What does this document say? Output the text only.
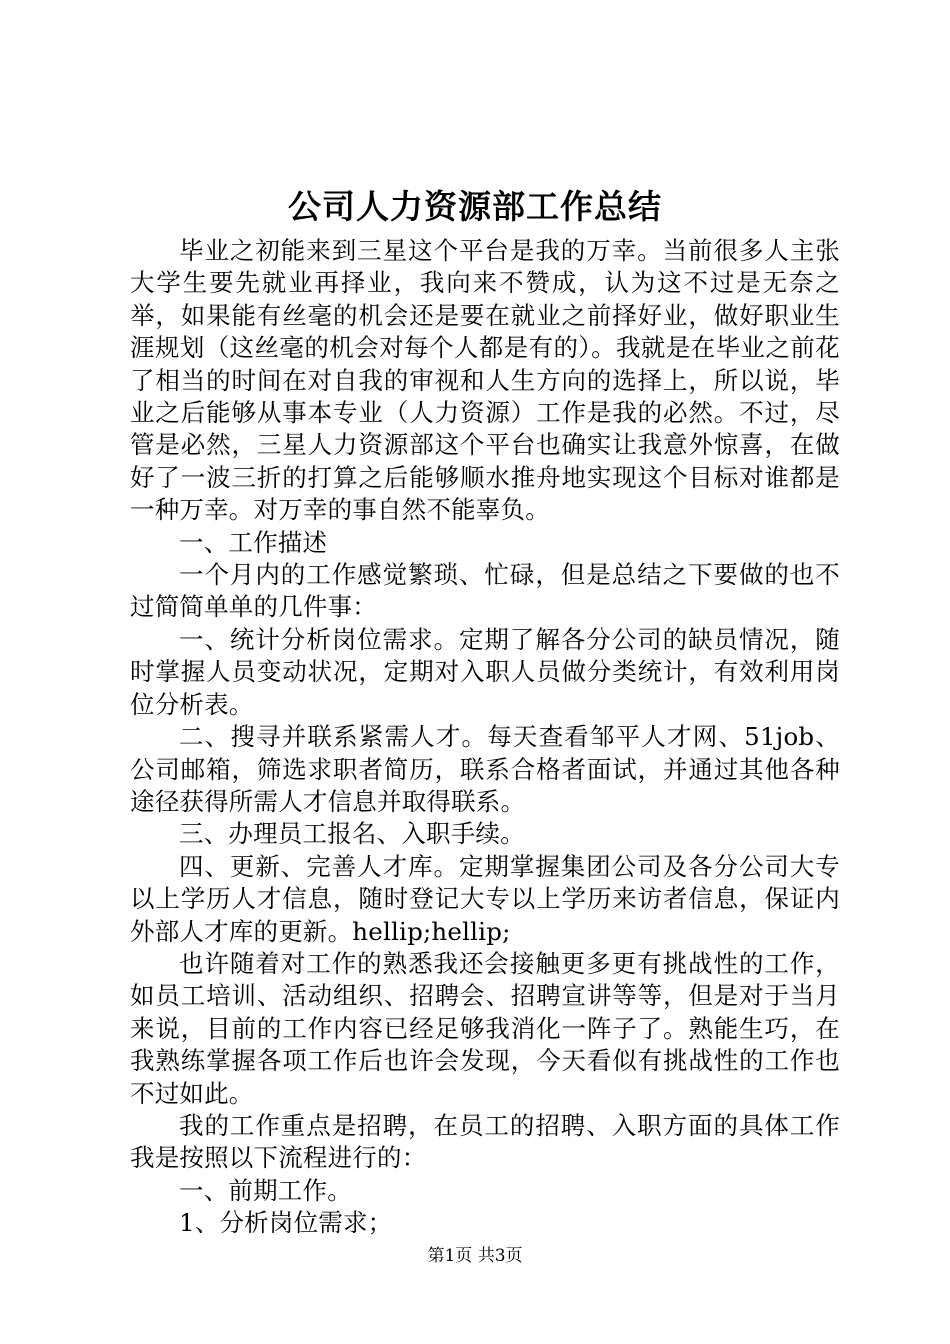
公司人力资源部工作总结

毕业之初能来到三星这个平台是我的万幸。当前很多人主张大学生要先就业再择业，我向来不赞成，认为这不过是无奈之举，如果能有丝毫的机会还是要在就业之前择好业，做好职业生涯规划（这丝毫的机会对每个人都是有的）。我就是在毕业之前花了相当的时间在对自我的审视和人生方向的选择上，所以说，毕业之后能够从事本专业（人力资源）工作是我的必然。不过，尽管是必然，三星人力资源部这个平台也确实让我意外惊喜，在做好了一波三折的打算之后能够顺水推舟地实现这个目标对谁都是一种万幸。对万幸的事自然不能辜负。

一、工作描述

一个月内的工作感觉繁琐、忙碌，但是总结之下要做的也不过简简单单的几件事：

一、统计分析岗位需求。定期了解各分公司的缺员情况，随时掌握人员变动状况，定期对入职人员做分类统计，有效利用岗位分析表。

二、搜寻并联系紧需人才。每天查看邹平人才网、51job、公司邮箱，筛选求职者简历，联系合格者面试，并通过其他各种途径获得所需人才信息并取得联系。

三、办理员工报名、入职手续。

四、更新、完善人才库。定期掌握集团公司及各分公司大专以上学历人才信息，随时登记大专以上学历来访者信息，保证内外部人才库的更新。hellip;hellip;

也许随着对工作的熟悉我还会接触更多更有挑战性的工作，如员工培训、活动组织、招聘会、招聘宣讲等等，但是对于当月来说，目前的工作内容已经足够我消化一阵子了。熟能生巧，在我熟练掌握各项工作后也许会发现，今天看似有挑战性的工作也不过如此。

我的工作重点是招聘，在员工的招聘、入职方面的具体工作我是按照以下流程进行的：

一、前期工作。

1、分析岗位需求；

第1页 共3页
